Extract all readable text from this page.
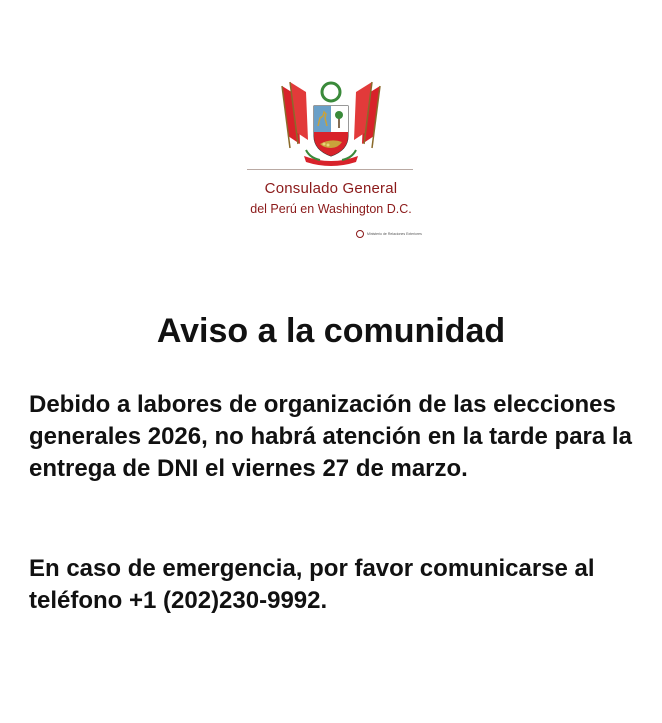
Consulado General
del Perú en Washington D.C.
Ministerio de Relaciones Exteriores
Aviso a la comunidad

Debido a labores de organización de las elecciones generales 2026, no habrá atención en la tarde para la entrega de DNI el viernes 27 de marzo.

En caso de emergencia, por favor comunicarse al teléfono +1 (202)230-9992.
